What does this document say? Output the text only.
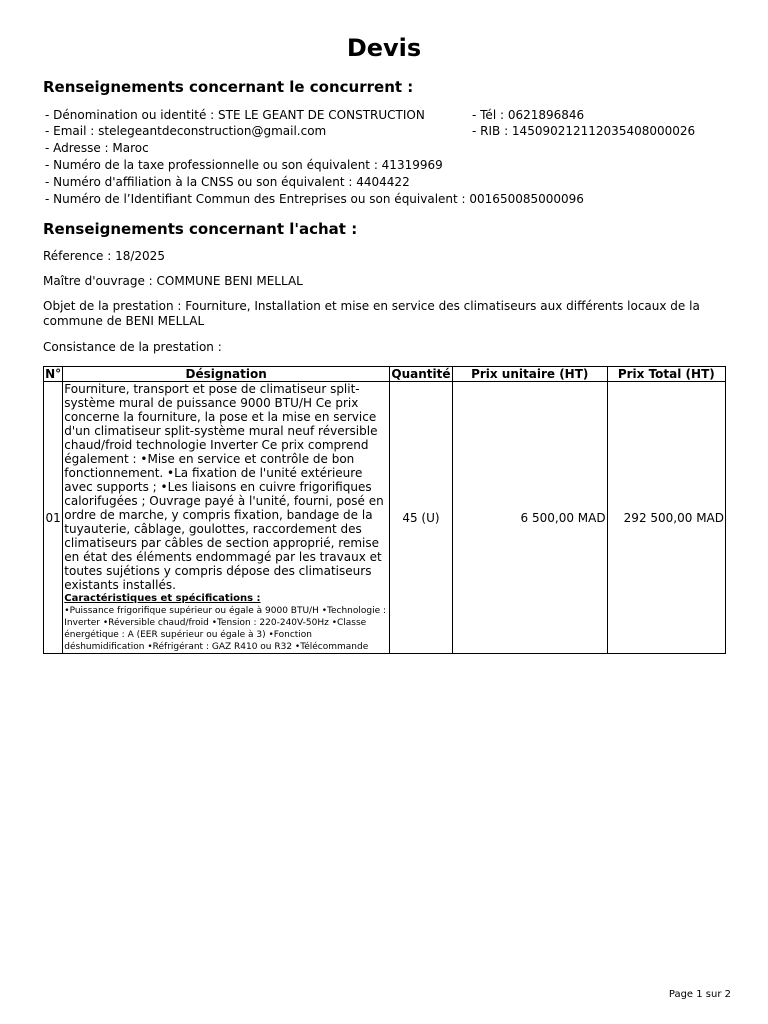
Devis
Renseignements concernant le concurrent :
- Dénomination ou identité : STE LE GEANT DE CONSTRUCTION	- Tél : 0621896846
- Email : stelegeantdeconstruction@gmail.com	- RIB : 145090212112035408000026
- Adresse : Maroc
- Numéro de la taxe professionnelle ou son équivalent : 41319969
- Numéro d'affiliation à la CNSS ou son équivalent : 4404422
- Numéro de l’Identifiant Commun des Entreprises ou son équivalent : 001650085000096
Renseignements concernant l'achat :
Réference : 18/2025
Maître d'ouvrage : COMMUNE BENI MELLAL
Objet de la prestation : Fourniture, Installation et mise en service des climatiseurs aux différents locaux de la commune de BENI MELLAL
Consistance de la prestation :
N°	Désignation	Quantité	Prix unitaire (HT)	Prix Total (HT)
01	Fourniture, transport et pose de climatiseur split-système mural de puissance 9000 BTU/H Ce prix concerne la fourniture, la pose et la mise en service d'un climatiseur split-système mural neuf réversible chaud/froid technologie Inverter Ce prix comprend également : •Mise en service et contrôle de bon fonctionnement. •La fixation de l'unité extérieure avec supports ; •Les liaisons en cuivre frigorifiques calorifugées ; Ouvrage payé à l'unité, fourni, posé en ordre de marche, y compris fixation, bandage de la tuyauterie, câblage, goulottes, raccordement des climatiseurs par câbles de section approprié, remise en état des éléments endommagé par les travaux et toutes sujétions y compris dépose des climatiseurs existants installés.
Caractéristiques et spécifications :
•Puissance frigorifique supérieur ou égale à 9000 BTU/H •Technologie : Inverter •Réversible chaud/froid •Tension : 220-240V-50Hz •Classe énergétique : A (EER supérieur ou égale à 3) •Fonction déshumidification •Réfrigérant : GAZ R410 ou R32 •Télécommande	45 (U)	6 500,00 MAD	292 500,00 MAD
Page 1 sur 2
